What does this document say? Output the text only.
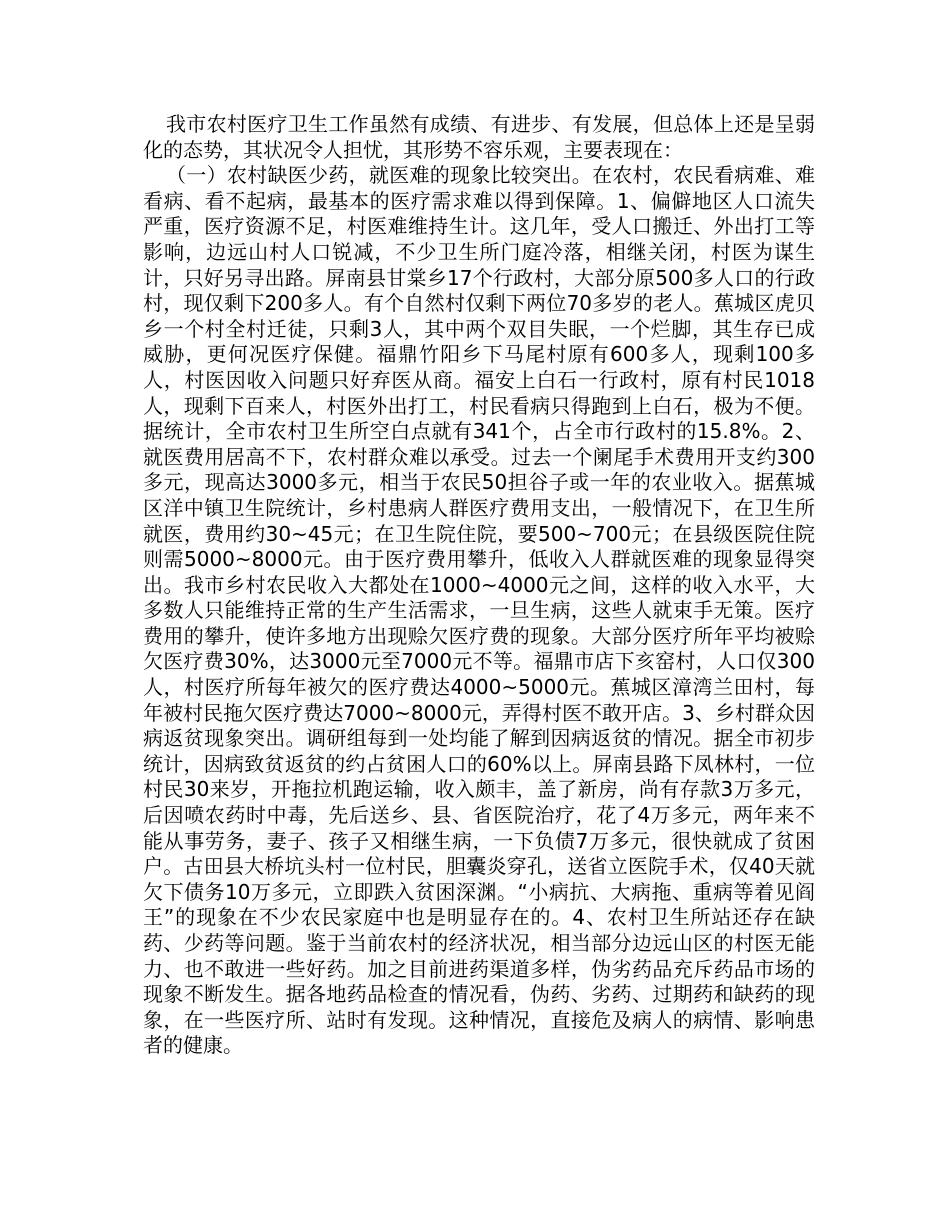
我市农村医疗卫生工作虽然有成绩、有进步、有发展，但总体上还是呈弱化的态势，其状况令人担忧，其形势不容乐观，主要表现在：

（一）农村缺医少药，就医难的现象比较突出。在农村，农民看病难、难看病、看不起病，最基本的医疗需求难以得到保障。1、偏僻地区人口流失严重，医疗资源不足，村医难维持生计。这几年，受人口搬迁、外出打工等影响，边远山村人口锐减，不少卫生所门庭冷落，相继关闭，村医为谋生计，只好另寻出路。屏南县甘棠乡17个行政村，大部分原500多人口的行政村，现仅剩下200多人。有个自然村仅剩下两位70多岁的老人。蕉城区虎贝乡一个村全村迁徒，只剩3人，其中两个双目失眠，一个烂脚，其生存已成威胁，更何况医疗保健。福鼎竹阳乡下马尾村原有600多人，现剩100多人，村医因收入问题只好弃医从商。福安上白石一行政村，原有村民1018人，现剩下百来人，村医外出打工，村民看病只得跑到上白石，极为不便。据统计，全市农村卫生所空白点就有341个，占全市行政村的15.8%。2、就医费用居高不下，农村群众难以承受。过去一个阑尾手术费用开支约300多元，现高达3000多元，相当于农民50担谷子或一年的农业收入。据蕉城区洋中镇卫生院统计，乡村患病人群医疗费用支出，一般情况下，在卫生所就医，费用约30~45元；在卫生院住院，要500~700元；在县级医院住院则需5000~8000元。由于医疗费用攀升，低收入人群就医难的现象显得突出。我市乡村农民收入大都处在1000~4000元之间，这样的收入水平，大多数人只能维持正常的生产生活需求，一旦生病，这些人就束手无策。医疗费用的攀升，使许多地方出现赊欠医疗费的现象。大部分医疗所年平均被赊欠医疗费30%，达3000元至7000元不等。福鼎市店下亥窑村，人口仅300人，村医疗所每年被欠的医疗费达4000~5000元。蕉城区漳湾兰田村，每年被村民拖欠医疗费达7000~8000元，弄得村医不敢开店。3、乡村群众因病返贫现象突出。调研组每到一处均能了解到因病返贫的情况。据全市初步统计，因病致贫返贫的约占贫困人口的60%以上。屏南县路下凤林村，一位村民30来岁，开拖拉机跑运输，收入颇丰，盖了新房，尚有存款3万多元，后因喷农药时中毒，先后送乡、县、省医院治疗，花了4万多元，两年来不能从事劳务，妻子、孩子又相继生病，一下负债7万多元，很快就成了贫困户。古田县大桥坑头村一位村民，胆囊炎穿孔，送省立医院手术，仅40天就欠下债务10万多元，立即跌入贫困深渊。“小病抗、大病拖、重病等着见阎王”的现象在不少农民家庭中也是明显存在的。4、农村卫生所站还存在缺药、少药等问题。鉴于当前农村的经济状况，相当部分边远山区的村医无能力、也不敢进一些好药。加之目前进药渠道多样，伪劣药品充斥药品市场的现象不断发生。据各地药品检查的情况看，伪药、劣药、过期药和缺药的现象，在一些医疗所、站时有发现。这种情况，直接危及病人的病情、影响患者的健康。
